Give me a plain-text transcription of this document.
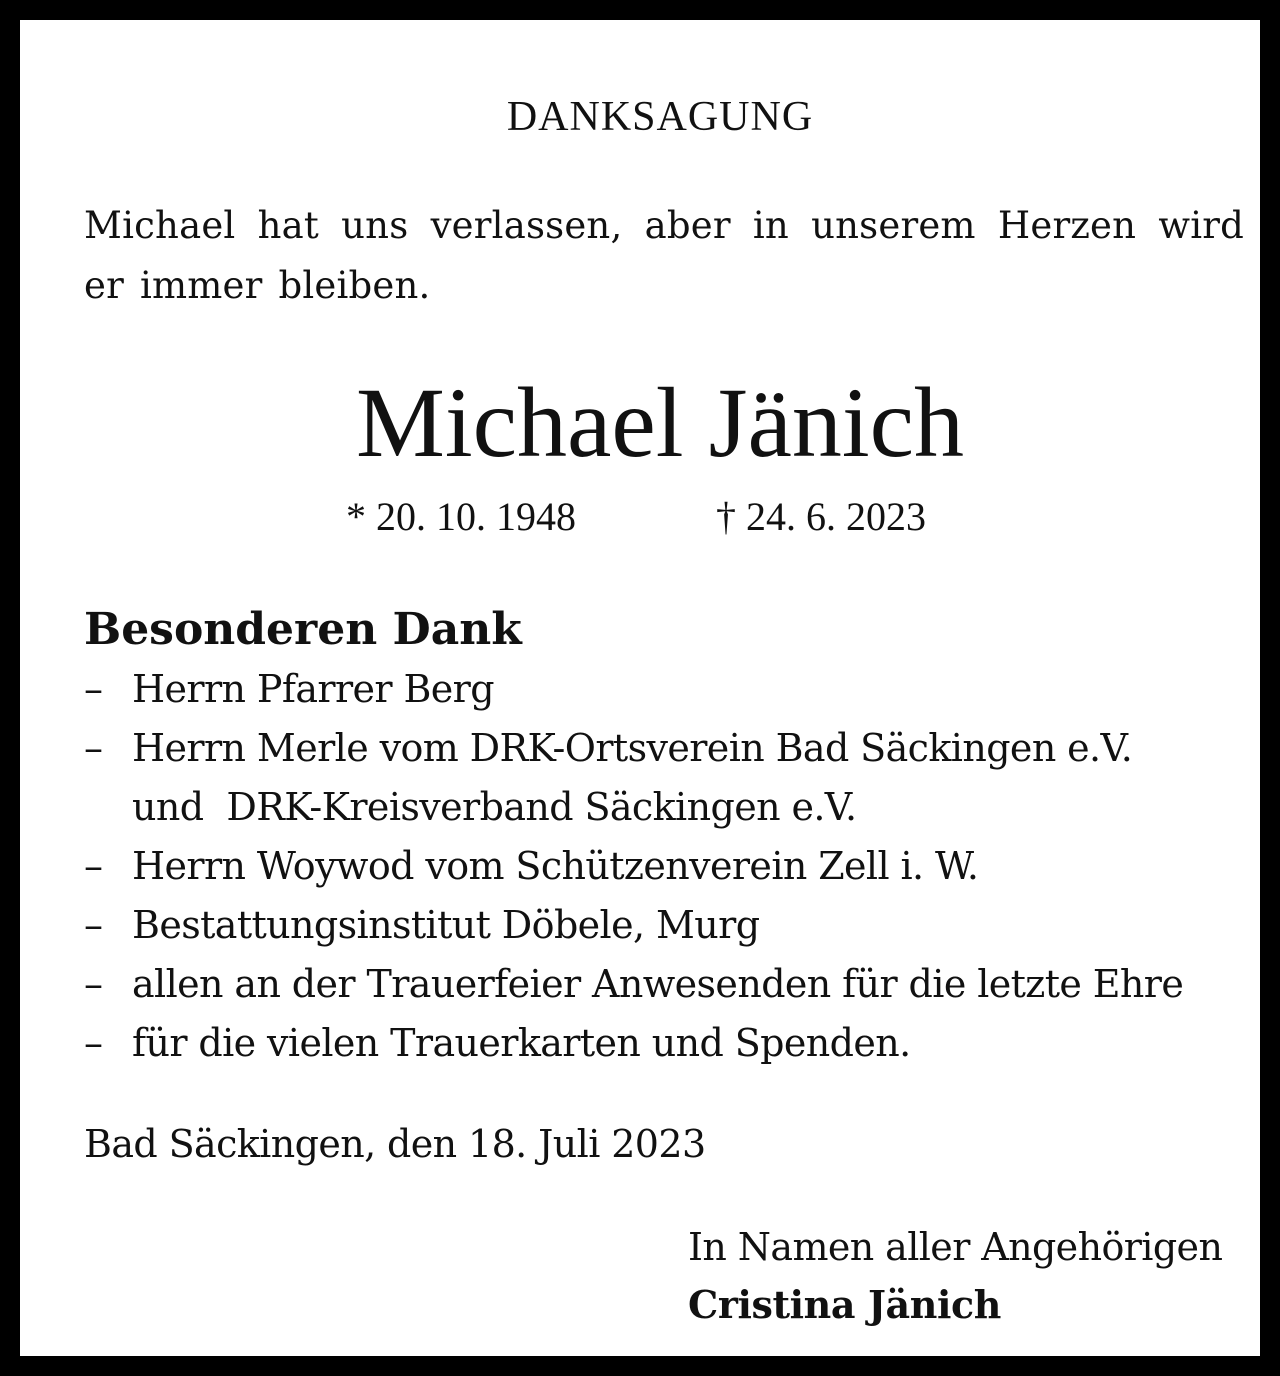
DANKSAGUNG
Michael hat uns verlassen, aber in unserem Herzen wird er immer bleiben.
Michael Jänich
* 20. 10. 1948	† 24. 6. 2023
Besonderen Dank
– Herrn Pfarrer Berg
– Herrn Merle vom DRK-Ortsverein Bad Säckingen e.V.
und  DRK-Kreisverband Säckingen e.V.
– Herrn Woywod vom Schützenverein Zell i. W.
– Bestattungsinstitut Döbele, Murg
– allen an der Trauerfeier Anwesenden für die letzte Ehre
– für die vielen Trauerkarten und Spenden.
Bad Säckingen, den 18. Juli 2023
In Namen aller Angehörigen
Cristina Jänich
